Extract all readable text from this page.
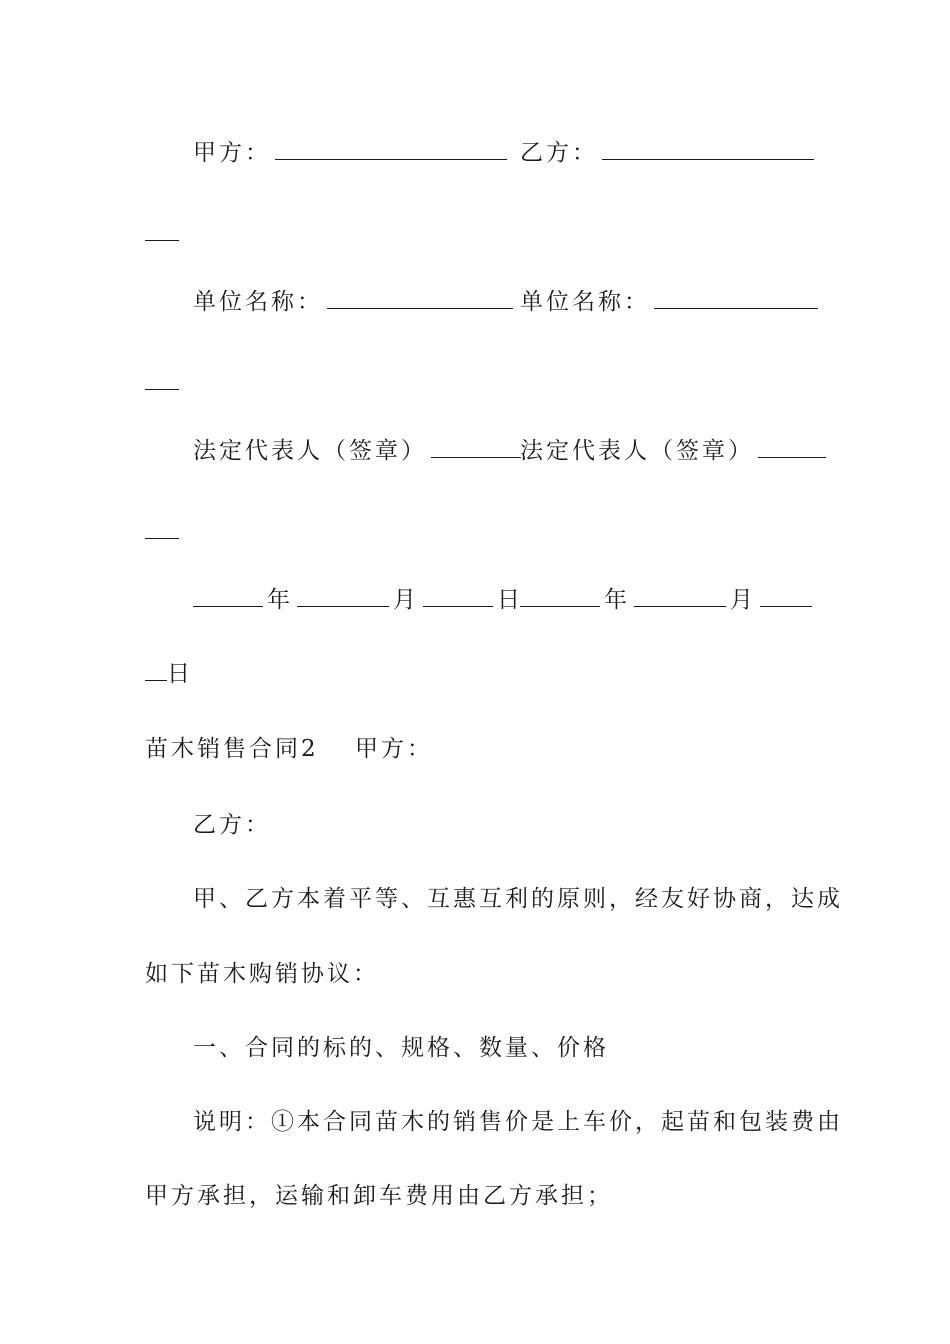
甲方：	乙方：
单位名称：	单位名称：
法定代表人（签章）	法定代表人（签章）
年	月	日	年	月
日
苗木销售合同2 甲方：
乙方：
甲、乙方本着平等、互惠互利的原则，经友好协商，达成
如下苗木购销协议：
一、合同的标的、规格、数量、价格
说明：①本合同苗木的销售价是上车价，起苗和包装费由
甲方承担，运输和卸车费用由乙方承担；
